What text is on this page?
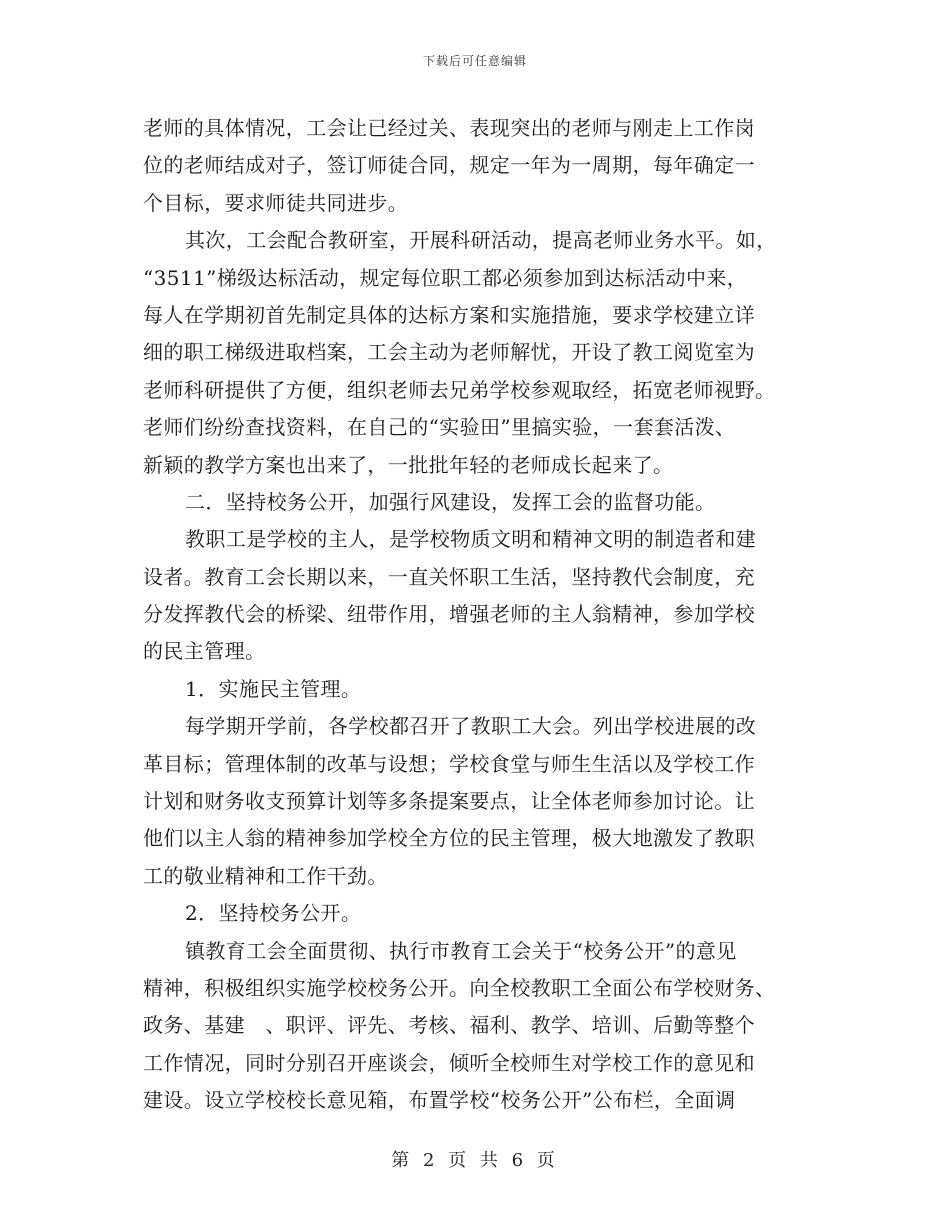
下载后可任意编辑
老师的具体情况，工会让已经过关、表现突出的老师与刚走上工作岗
位的老师结成对子，签订师徒合同，规定一年为一周期，每年确定一
个目标，要求师徒共同进步。
其次，工会配合教研室，开展科研活动，提高老师业务水平。如，
“3511”梯级达标活动，规定每位职工都必须参加到达标活动中来，
每人在学期初首先制定具体的达标方案和实施措施，要求学校建立详
细的职工梯级进取档案，工会主动为老师解忧，开设了教工阅览室为
老师科研提供了方便，组织老师去兄弟学校参观取经，拓宽老师视野。
老师们纷纷查找资料，在自己的“实验田”里搞实验，一套套活泼、
新颖的教学方案也出来了，一批批年轻的老师成长起来了。
二．坚持校务公开，加强行风建设，发挥工会的监督功能。
教职工是学校的主人，是学校物质文明和精神文明的制造者和建
设者。教育工会长期以来，一直关怀职工生活，坚持教代会制度，充
分发挥教代会的桥梁、纽带作用，增强老师的主人翁精神，参加学校
的民主管理。
1．实施民主管理。
每学期开学前，各学校都召开了教职工大会。列出学校进展的改
革目标；管理体制的改革与设想；学校食堂与师生生活以及学校工作
计划和财务收支预算计划等多条提案要点，让全体老师参加讨论。让
他们以主人翁的精神参加学校全方位的民主管理，极大地激发了教职
工的敬业精神和工作干劲。
2．坚持校务公开。
镇教育工会全面贯彻、执行市教育工会关于“校务公开”的意见
精神，积极组织实施学校校务公开。向全校教职工全面公布学校财务、
政务、基建　、职评、评先、考核、福利、教学、培训、后勤等整个
工作情况，同时分别召开座谈会，倾听全校师生对学校工作的意见和
建设。设立学校校长意见箱，布置学校“校务公开”公布栏，全面调
第 2 页 共 6 页
